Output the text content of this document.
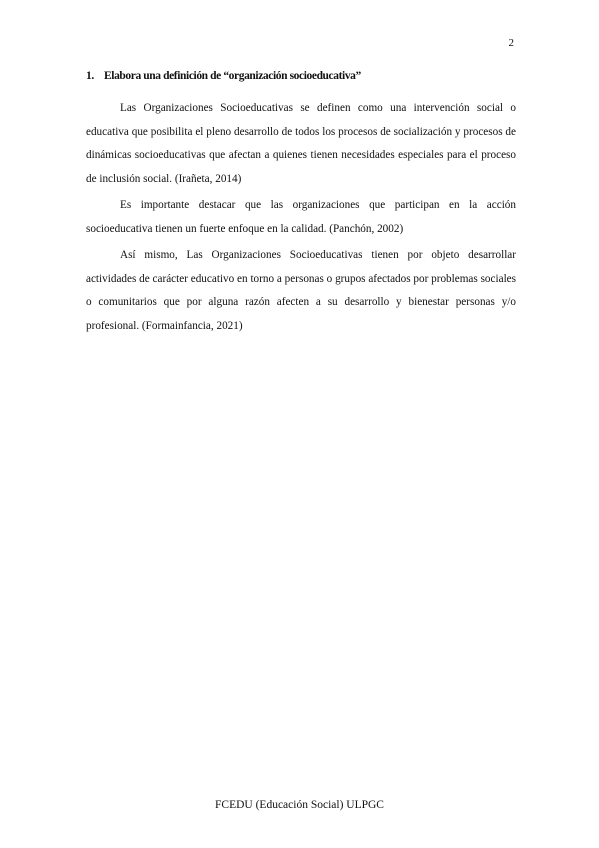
2
1. Elabora una definición de “organización socioeducativa”

Las Organizaciones Socioeducativas se definen como una intervención social o educativa que posibilita el pleno desarrollo de todos los procesos de socialización y procesos de dinámicas socioeducativas que afectan a quienes tienen necesidades especiales para el proceso de inclusión social. (Irañeta, 2014)

Es importante destacar que las organizaciones que participan en la acción socioeducativa tienen un fuerte enfoque en la calidad. (Panchón, 2002)

Así mismo, Las Organizaciones Socioeducativas tienen por objeto desarrollar actividades de carácter educativo en torno a personas o grupos afectados por problemas sociales o comunitarios que por alguna razón afecten a su desarrollo y bienestar personas y/o profesional. (Formainfancia, 2021)

FCEDU (Educación Social) ULPGC
